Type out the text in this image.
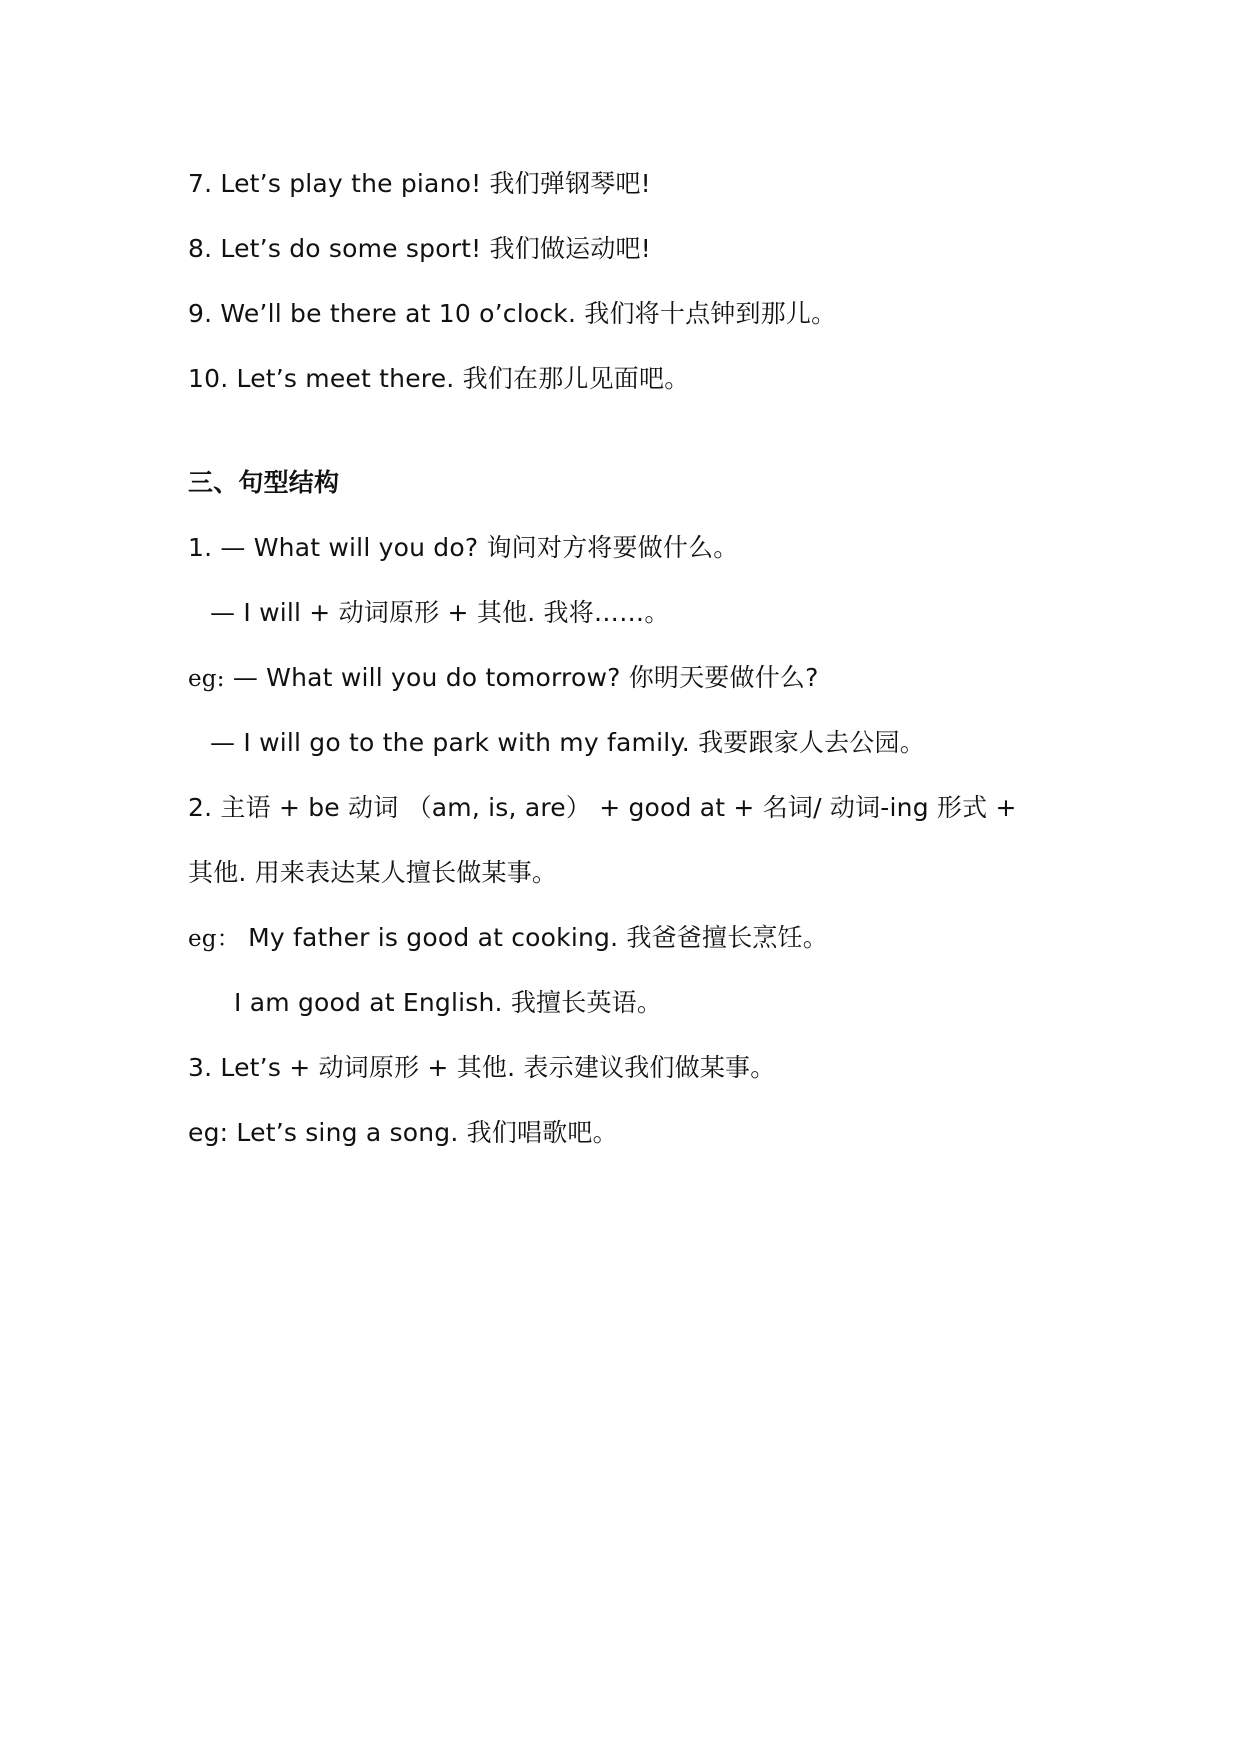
7. Let’s play the piano! 我们弹钢琴吧!
8. Let’s do some sport! 我们做运动吧!
9. We’ll be there at 10 o’clock. 我们将十点钟到那儿。
10. Let’s meet there. 我们在那儿见面吧。
三、句型结构
1. — What will you do? 询问对方将要做什么。
— I will + 动词原形 + 其他. 我将……。
eg: — What will you do tomorrow? 你明天要做什么?
— I will go to the park with my family. 我要跟家人去公园。
2. 主语 + be 动词 （am, is, are） + good at + 名词/ 动词-ing 形式 +
其他. 用来表达某人擅长做某事。
eg： My father is good at cooking. 我爸爸擅长烹饪。
I am good at English. 我擅长英语。
3. Let’s + 动词原形 + 其他. 表示建议我们做某事。
eg: Let’s sing a song. 我们唱歌吧。
